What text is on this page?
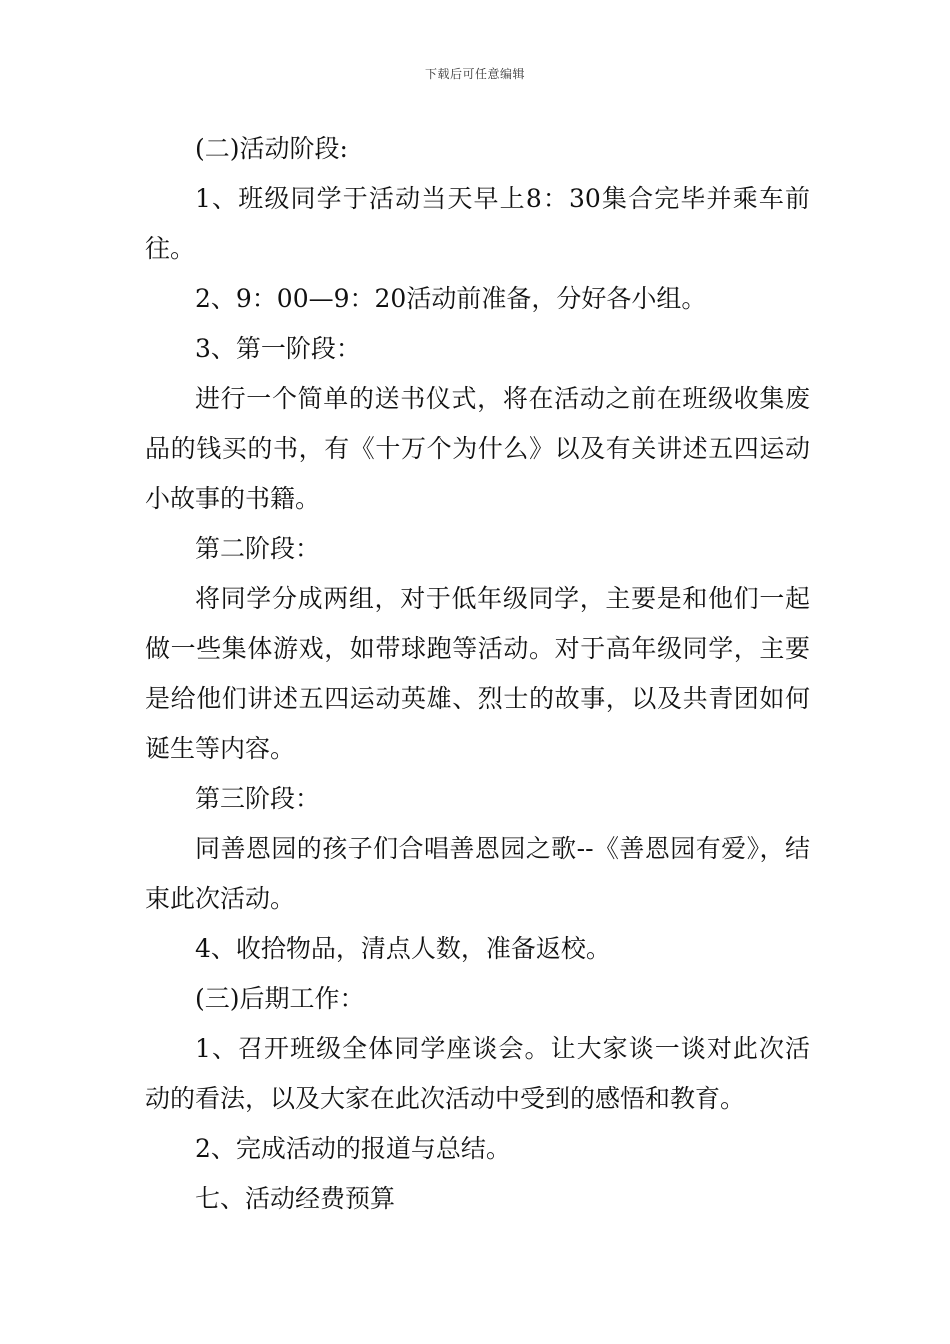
下载后可任意编辑

(二)活动阶段:

1、班级同学于活动当天早上8：30集合完毕并乘车前往。

2、9：00—9：20活动前准备，分好各小组。

3、第一阶段：

进行一个简单的送书仪式，将在活动之前在班级收集废品的钱买的书，有《十万个为什么》以及有关讲述五四运动小故事的书籍。

第二阶段：

将同学分成两组，对于低年级同学，主要是和他们一起做一些集体游戏，如带球跑等活动。对于高年级同学，主要是给他们讲述五四运动英雄、烈士的故事，以及共青团如何诞生等内容。

第三阶段：

同善恩园的孩子们合唱善恩园之歌--《善恩园有爱》，结束此次活动。

4、收拾物品，清点人数，准备返校。

(三)后期工作：

1、召开班级全体同学座谈会。让大家谈一谈对此次活动的看法，以及大家在此次活动中受到的感悟和教育。

2、完成活动的报道与总结。

七、活动经费预算
